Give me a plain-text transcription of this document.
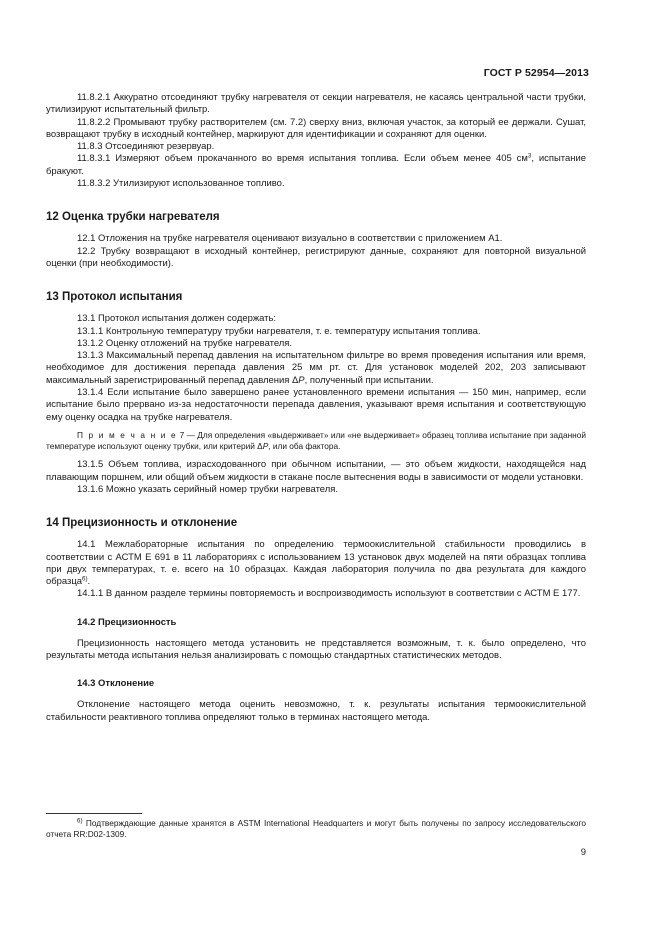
ГОСТ Р 52954—2013

11.8.2.1 Аккуратно отсоединяют трубку нагревателя от секции нагревателя, не касаясь центральной части трубки, утилизируют испытательный фильтр.

11.8.2.2 Промывают трубку растворителем (см. 7.2) сверху вниз, включая участок, за который ее держали. Сушат, возвращают трубку в исходный контейнер, маркируют для идентификации и сохраняют для оценки.

11.8.3 Отсоединяют резервуар.

11.8.3.1 Измеряют объем прокачанного во время испытания топлива. Если объем менее 405 $см^3$, испытание бракуют.

11.8.3.2 Утилизируют использованное топливо.

12 Оценка трубки нагревателя

12.1 Отложения на трубке нагревателя оценивают визуально в соответствии с приложением А1.

12.2 Трубку возвращают в исходный контейнер, регистрируют данные, сохраняют для повторной визуальной оценки (при необходимости).

13 Протокол испытания

13.1 Протокол испытания должен содержать:

13.1.1 Контрольную температуру трубки нагревателя, т. е. температуру испытания топлива.

13.1.2 Оценку отложений на трубке нагревателя.

13.1.3 Максимальный перепад давления на испытательном фильтре во время проведения испытания или время, необходимое для достижения перепада давления 25 мм рт. ст. Для установок моделей 202, 203 записывают максимальный зарегистрированный перепад давления ΔP, полученный при испытании.

13.1.4 Если испытание было завершено ранее установленного времени испытания — 150 мин, например, если испытание было прервано из-за недостаточности перепада давления, указывают время испытания и соответствующую ему оценку осадка на трубке нагревателя.

П р и м е ч а н и е 7 — Для определения «выдерживает» или «не выдерживает» образец топлива испытание при заданной температуре используют оценку трубки, или критерий ΔP, или оба фактора.

13.1.5 Объем топлива, израсходованного при обычном испытании, — это объем жидкости, находящейся над плавающим поршнем, или общий объем жидкости в стакане после вытеснения воды в зависимости от модели установки.

13.1.6 Можно указать серийный номер трубки нагревателя.

14 Прецизионность и отклонение

14.1 Межлабораторные испытания по определению термоокислительной стабильности проводились в соответствии с АСТМ Е 691 в 11 лабораториях с использованием 13 установок двух моделей на пяти образцах топлива при двух температурах, т. е. всего на 10 образцах. Каждая лаборатория получила по два результата для каждого образца$^{6)}$.

14.1.1 В данном разделе термины повторяемость и воспроизводимость используют в соответствии с АСТМ Е 177.

14.2 Прецизионность

Прецизионность настоящего метода установить не представляется возможным, т. к. было определено, что результаты метода испытания нельзя анализировать с помощью стандартных статистических методов.

14.3 Отклонение

Отклонение настоящего метода оценить невозможно, т. к. результаты испытания термоокислительной стабильности реактивного топлива определяют только в терминах настоящего метода.

$^{6)}$ Подтверждающие данные хранятся в ASTM International Headquarters и могут быть получены по запросу исследовательского отчета RR:D02-1309.

9
